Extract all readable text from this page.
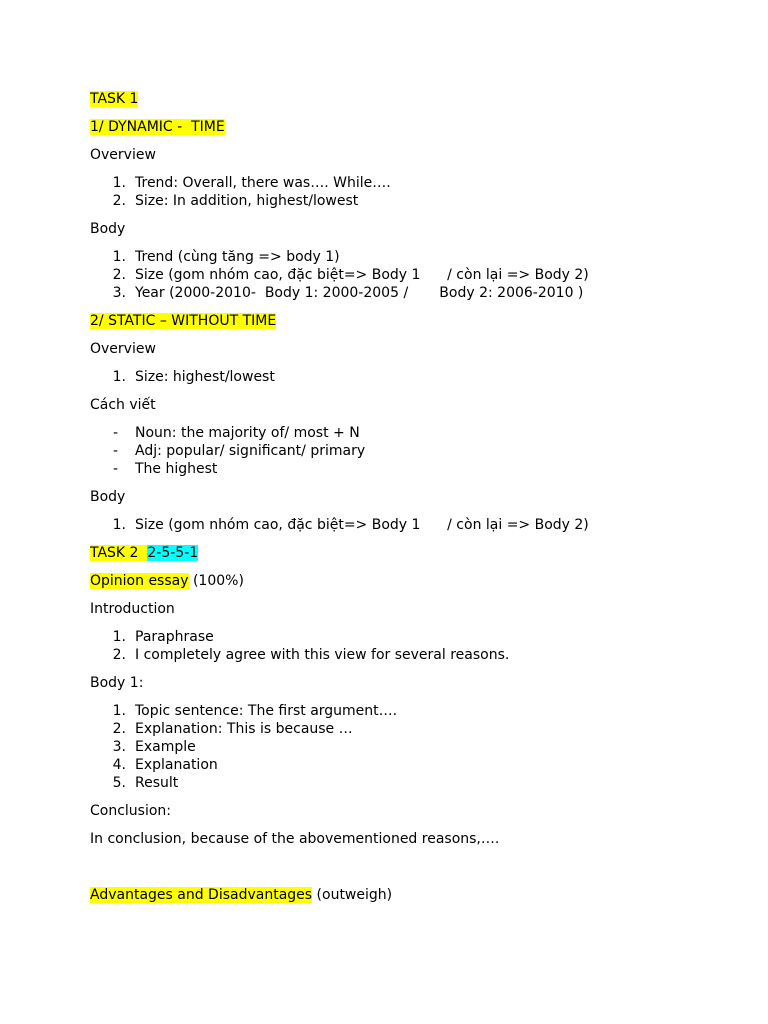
TASK 1

1/ DYNAMIC -  TIME

Overview

1. Trend: Overall, there was…. While….
2. Size: In addition, highest/lowest

Body

1. Trend (cùng tăng => body 1)
2. Size (gom nhóm cao, đặc biệt=> Body 1      / còn lại => Body 2)
3. Year (2000-2010-  Body 1: 2000-2005 /       Body 2: 2006-2010 )

2/ STATIC – WITHOUT TIME

Overview

1. Size: highest/lowest

Cách viết

- Noun: the majority of/ most + N
- Adj: popular/ significant/ primary
- The highest

Body

1. Size (gom nhóm cao, đặc biệt=> Body 1      / còn lại => Body 2)

TASK 2 2-5-5-1

Opinion essay (100%)

Introduction

1. Paraphrase
2. I completely agree with this view for several reasons.

Body 1:

1. Topic sentence: The first argument….
2. Explanation: This is because …
3. Example
4. Explanation
5. Result

Conclusion:

In conclusion, because of the abovementioned reasons,….

Advantages and Disadvantages (outweigh)
